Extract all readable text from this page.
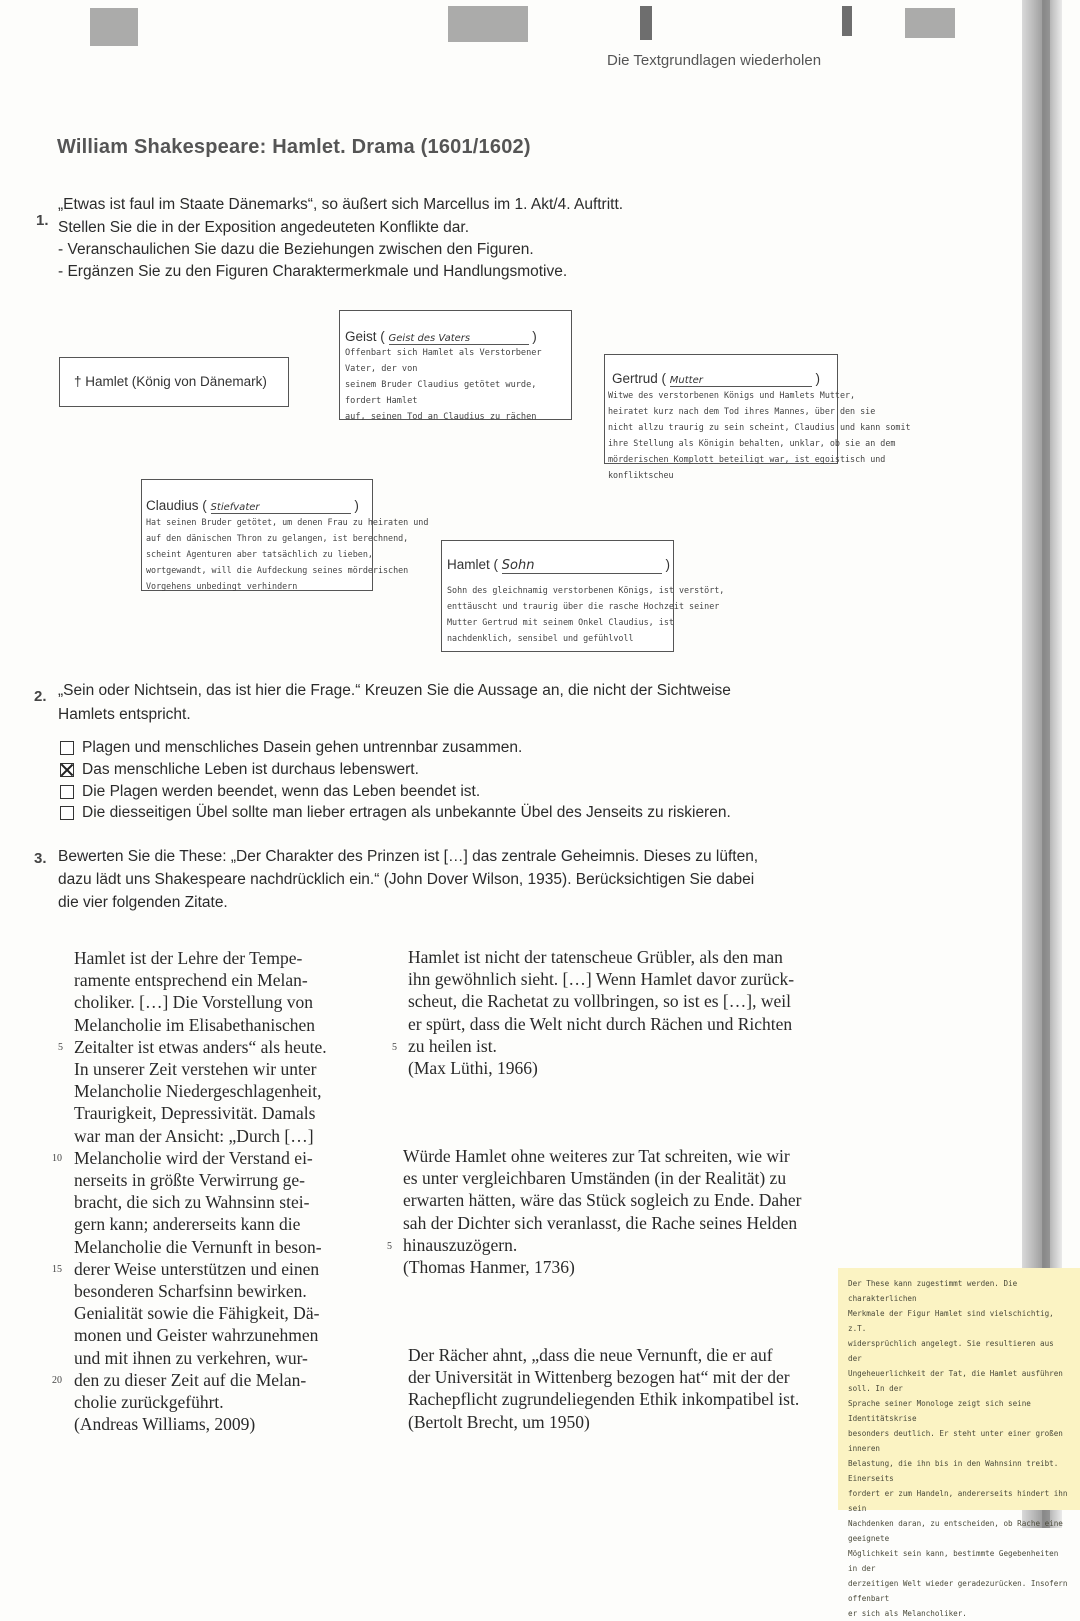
Die Textgrundlagen wiederholen
William Shakespeare: Hamlet. Drama (1601/1602)
1.
„Etwas ist faul im Staate Dänemarks“, so äußert sich Marcellus im 1. Akt/4. Auftritt.
Stellen Sie die in der Exposition angedeuteten Konflikte dar.
- Veranschaulichen Sie dazu die Beziehungen zwischen den Figuren.
- Ergänzen Sie zu den Figuren Charaktermerkmale und Handlungsmotive.
† Hamlet (König von Dänemark)
Geist ( Geist des Vaters	)
Offenbart sich Hamlet als Verstorbener Vater, der von
seinem Bruder Claudius getötet wurde, fordert Hamlet
auf, seinen Tod an Claudius zu rächen
Gertrud ( Mutter	)
Witwe des verstorbenen Königs und Hamlets Mutter,
heiratet kurz nach dem Tod ihres Mannes, über den sie
nicht allzu traurig zu sein scheint, Claudius und kann somit
ihre Stellung als Königin behalten, unklar, ob sie an dem
mörderischen Komplott beteiligt war, ist egoistisch und
konfliktscheu
Claudius ( Stiefvater	)
Hat seinen Bruder getötet, um denen Frau zu heiraten und
auf den dänischen Thron zu gelangen, ist berechnend,
scheint Agenturen aber tatsächlich zu lieben,
wortgewandt, will die Aufdeckung seines mörderischen
Vorgehens unbedingt verhindern
Hamlet ( Sohn	)
Sohn des gleichnamig verstorbenen Königs, ist verstört,
enttäuscht und traurig über die rasche Hochzeit seiner
Mutter Gertrud mit seinem Onkel Claudius, ist
nachdenklich, sensibel und gefühlvoll
2. „Sein oder Nichtsein, das ist hier die Frage.“ Kreuzen Sie die Aussage an, die nicht der Sichtweise
Hamlets entspricht.
Plagen und menschliches Dasein gehen untrennbar zusammen.
Das menschliche Leben ist durchaus lebenswert.
Die Plagen werden beendet, wenn das Leben beendet ist.
Die diesseitigen Übel sollte man lieber ertragen als unbekannte Übel des Jenseits zu riskieren.
3. Bewerten Sie die These: „Der Charakter des Prinzen ist […] das zentrale Geheimnis. Dieses zu lüften,
dazu lädt uns Shakespeare nachdrücklich ein.“ (John Dover Wilson, 1935). Berücksichtigen Sie dabei
die vier folgenden Zitate.
Hamlet ist der Lehre der Tempe-
ramente entsprechend ein Melan-
choliker. […] Die Vorstellung von
Melancholie im Elisabethanischen
Zeitalter ist etwas anders“ als heute.
In unserer Zeit verstehen wir unter
Melancholie Niedergeschlagenheit,
Traurigkeit, Depressivität. Damals
war man der Ansicht: „Durch […]
Melancholie wird der Verstand ei-
nerseits in größte Verwirrung ge-
bracht, die sich zu Wahnsinn stei-
gern kann; andererseits kann die
Melancholie die Vernunft in beson-
derer Weise unterstützen und einen
besonderen Scharfsinn bewirken.
Genialität sowie die Fähigkeit, Dä-
monen und Geister wahrzunehmen
und mit ihnen zu verkehren, wur-
den zu dieser Zeit auf die Melan-
cholie zurückgeführt.
(Andreas Williams, 2009)
5
10
15
20
Hamlet ist nicht der tatenscheue Grübler, als den man
ihn gewöhnlich sieht. […] Wenn Hamlet davor zurück-
scheut, die Rachetat zu vollbringen, so ist es […], weil
er spürt, dass die Welt nicht durch Rächen und Richten
zu heilen ist.
(Max Lüthi, 1966)
5
Würde Hamlet ohne weiteres zur Tat schreiten, wie wir
es unter vergleichbaren Umständen (in der Realität) zu
erwarten hätten, wäre das Stück sogleich zu Ende. Daher
sah der Dichter sich veranlasst, die Rache seines Helden
hinauszuzögern.
(Thomas Hanmer, 1736)
5
Der Rächer ahnt, „dass die neue Vernunft, die er auf
der Universität in Wittenberg bezogen hat“ mit der der
Rachepflicht zugrundeliegenden Ethik inkompatibel ist.
(Bertolt Brecht, um 1950)
Der These kann zugestimmt werden. Die charakterlichen
Merkmale der Figur Hamlet sind vielschichtig, z.T.
widersprüchlich angelegt. Sie resultieren aus der
Ungeheuerlichkeit der Tat, die Hamlet ausführen soll. In der
Sprache seiner Monologe zeigt sich seine Identitätskrise
besonders deutlich. Er steht unter einer großen inneren
Belastung, die ihn bis in den Wahnsinn treibt. Einerseits
fordert er zum Handeln, andererseits hindert ihn sein
Nachdenken daran, zu entscheiden, ob Rache eine geeignete
Möglichkeit sein kann, bestimmte Gegebenheiten in der
derzeitigen Welt wieder geradezurücken. Insofern offenbart
er sich als Melancholiker.
